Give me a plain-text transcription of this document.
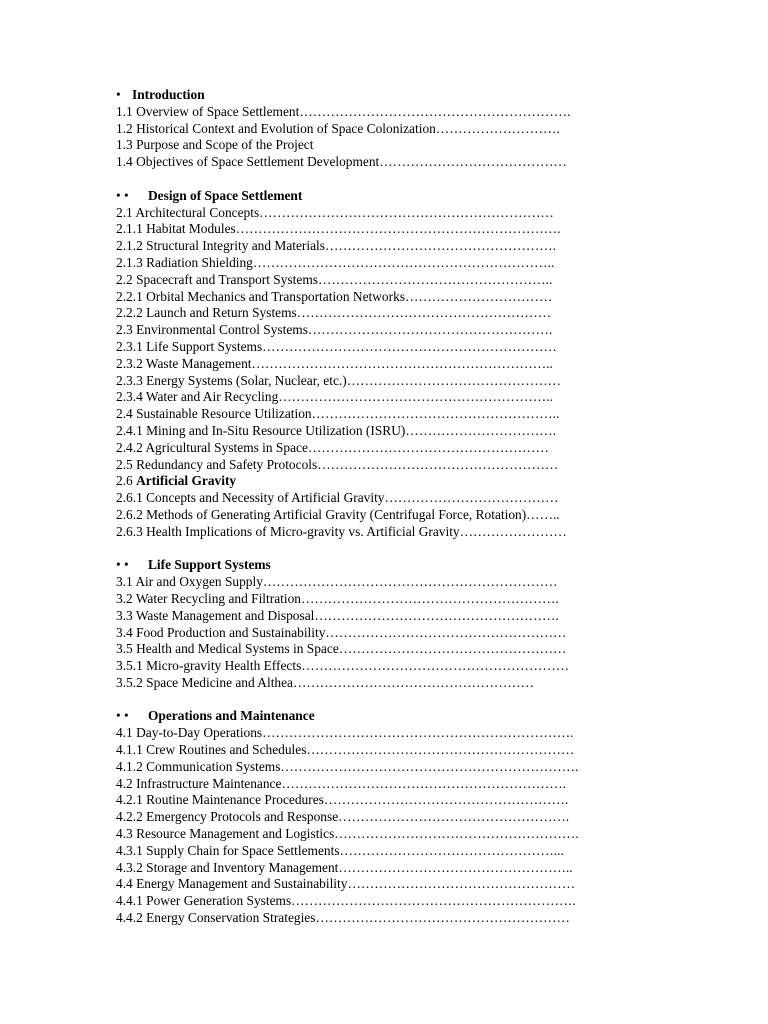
• Introduction
1.1 Overview of Space Settlement…………………………………………………….
1.2 Historical Context and Evolution of Space Colonization……………………….
1.3 Purpose and Scope of the Project
1.4 Objectives of Space Settlement Development……………………………………
• • Design of Space Settlement
2.1 Architectural Concepts…………………………………………………………
2.1.1 Habitat Modules……………………………………………………………….
2.1.2 Structural Integrity and Materials…………………………………………….
2.1.3 Radiation Shielding…………………………………………………………..
2.2 Spacecraft and Transport Systems……………………………………………..
2.2.1 Orbital Mechanics and Transportation Networks……………………………
2.2.2 Launch and Return Systems…………………………………………………
2.3 Environmental Control Systems……………………………………………….
2.3.1 Life Support Systems…………………………………………………………
2.3.2 Waste Management…………………………………………………………..
2.3.3 Energy Systems (Solar, Nuclear, etc.)…………………………………………
2.3.4 Water and Air Recycling……………………………………………………..
2.4 Sustainable Resource Utilization………………………………………………..
2.4.1 Mining and In-Situ Resource Utilization (ISRU)…………………………….
2.4.2 Agricultural Systems in Space………………………………………………
2.5 Redundancy and Safety Protocols………………………………………………
2.6 Artificial Gravity
2.6.1 Concepts and Necessity of Artificial Gravity…………………………………
2.6.2 Methods of Generating Artificial Gravity (Centrifugal Force, Rotation)……..
2.6.3 Health Implications of Micro-gravity vs. Artificial Gravity……………………
• • Life Support Systems
3.1 Air and Oxygen Supply…………………………………………………………
3.2 Water Recycling and Filtration………………………………………………….
3.3 Waste Management and Disposal……………………………………………….
3.4 Food Production and Sustainability………………………………………………
3.5 Health and Medical Systems in Space……………………………………………
3.5.1 Micro-gravity Health Effects……………………………………………………
3.5.2 Space Medicine and Althea………………………………………………
• • Operations and Maintenance
4.1 Day-to-Day Operations…………………………………………………………….
4.1.1 Crew Routines and Schedules……………………………………………………
4.1.2 Communication Systems………………………………………………………….
4.2 Infrastructure Maintenance……………………………………………………….
4.2.1 Routine Maintenance Procedures……………………………………………….
4.2.2 Emergency Protocols and Response…………………………………………….
4.3 Resource Management and Logistics……………………………………………….
4.3.1 Supply Chain for Space Settlements…………………………………………...
4.3.2 Storage and Inventory Management……………………………………………..
4.4 Energy Management and Sustainability……………………………………………
4.4.1 Power Generation Systems……………………………………………………….
4.4.2 Energy Conservation Strategies…………………………………………………
